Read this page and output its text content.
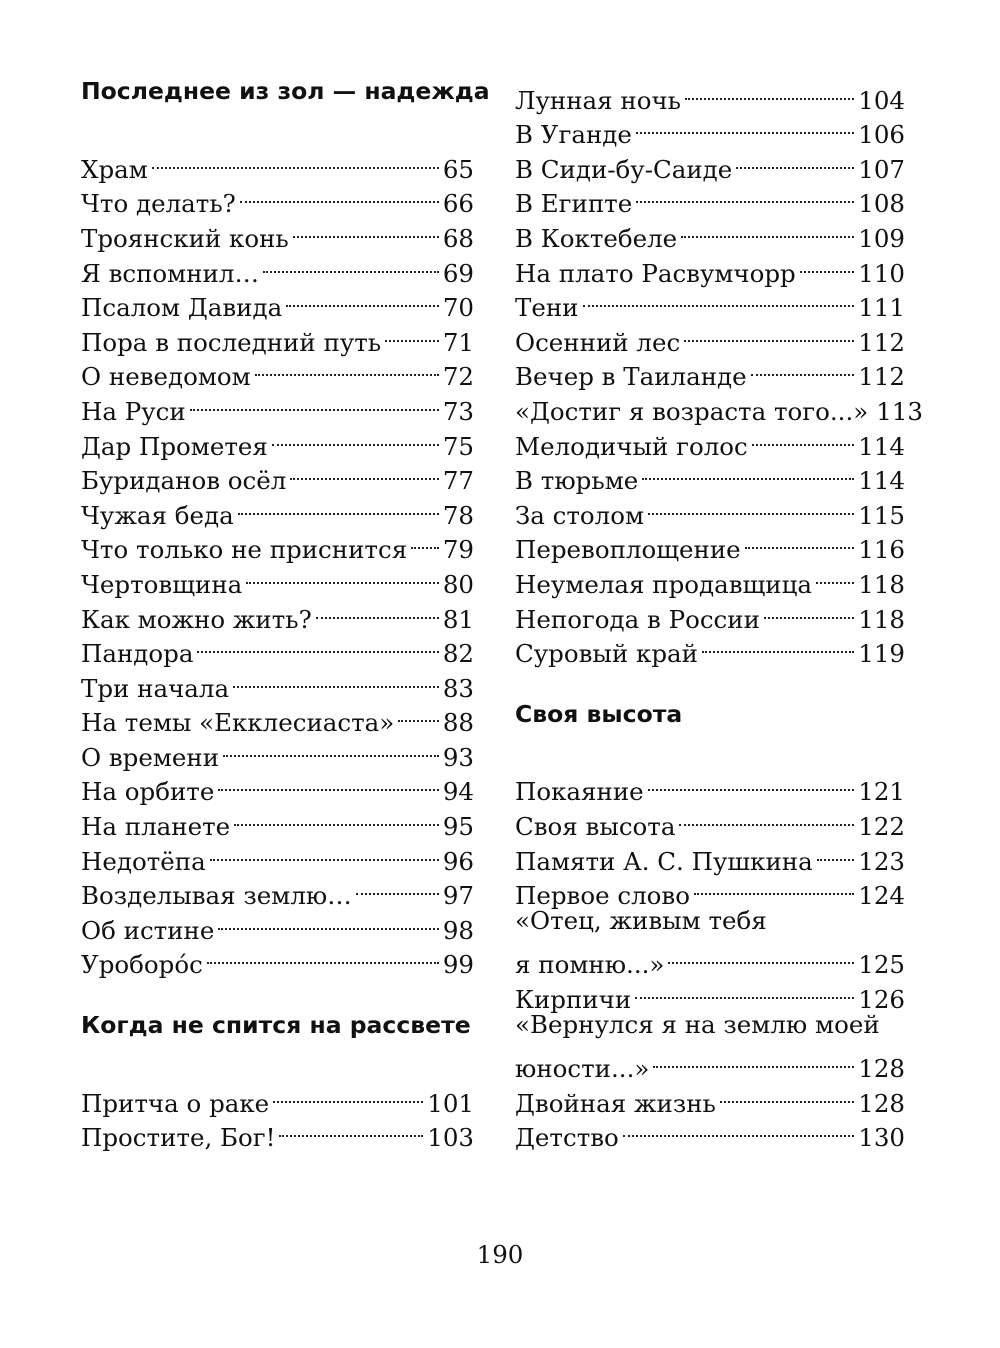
Последнее из зол — надежда
Храм	65
Что делать?	66
Троянский конь	68
Я вспомнил…	69
Псалом Давида	70
Пора в последний путь	71
О неведомом	72
На Руси	73
Дар Прометея	75
Буриданов осёл	77
Чужая беда	78
Что только не приснится 79
Чертовщина	80
Как можно жить?	81
Пандора	82
Три начала	83
На темы «Екклесиаста» 88
О времени	93
На орбите	94
На планете	95
Недотёпа	96
Возделывая землю…	97
Об истине	98
Уроборóс	99
Когда не спится на рассвете
Притча о раке	101
Простите, Бог!	103
Лунная ночь	104
В Уганде	106
В Сиди-бу-Саиде	107
В Египте	108
В Коктебеле	109
На плато Расвумчорр	110
Тени	111
Осенний лес	112
Вечер в Таиланде	112
«Достиг я возраста того...» 113
Мелодичый голос	114
В тюрьме	114
За столом	115
Перевоплощение	116
Неумелая продавщица 118
Непогода в России	118
Суровый край	119
Своя высота
Покаяние	121
Своя высота	122
Памяти А. С. Пушкина 123
Первое слово	124
«Отец, живым тебя
я помню...»	125
Кирпичи	126
«Вернулся я на землю моей
юности...»	128
Двойная жизнь	128
Детство	130
190
